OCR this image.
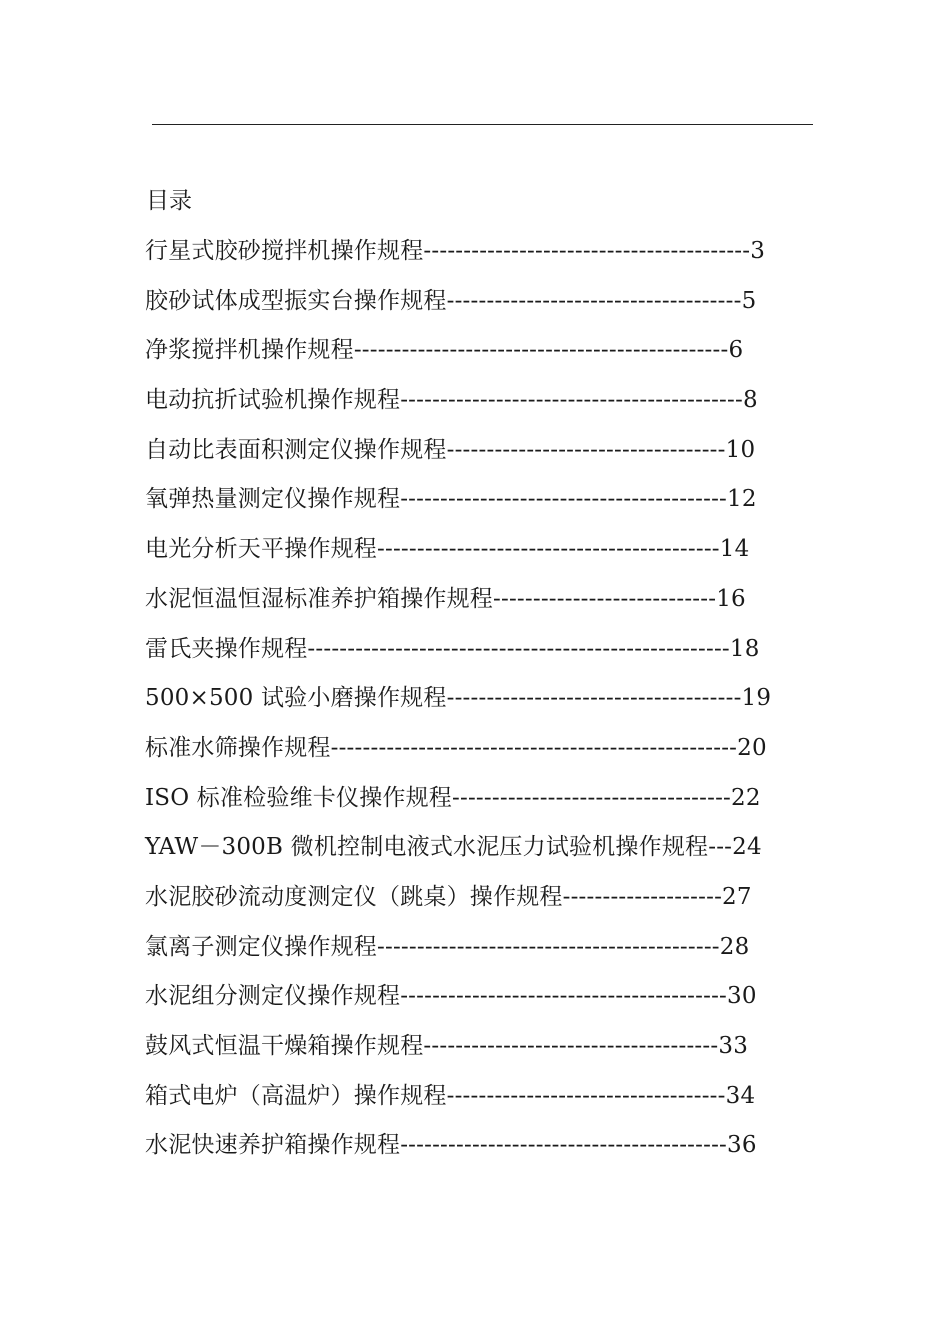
目录
行星式胶砂搅拌机操作规程-----------------------------------------3
胶砂试体成型振实台操作规程-------------------------------------5
净浆搅拌机操作规程-----------------------------------------------6
电动抗折试验机操作规程-------------------------------------------8
自动比表面积测定仪操作规程-----------------------------------10
氧弹热量测定仪操作规程-----------------------------------------12
电光分析天平操作规程-------------------------------------------14
水泥恒温恒湿标准养护箱操作规程----------------------------16
雷氏夹操作规程-----------------------------------------------------18
500×500 试验小磨操作规程-------------------------------------19
标准水筛操作规程---------------------------------------------------20
ISO 标准检验维卡仪操作规程-----------------------------------22
YAW－300B 微机控制电液式水泥压力试验机操作规程---24
水泥胶砂流动度测定仪（跳桌）操作规程--------------------27
氯离子测定仪操作规程-------------------------------------------28
水泥组分测定仪操作规程-----------------------------------------30
鼓风式恒温干燥箱操作规程-------------------------------------33
箱式电炉（高温炉）操作规程-----------------------------------34
水泥快速养护箱操作规程-----------------------------------------36
